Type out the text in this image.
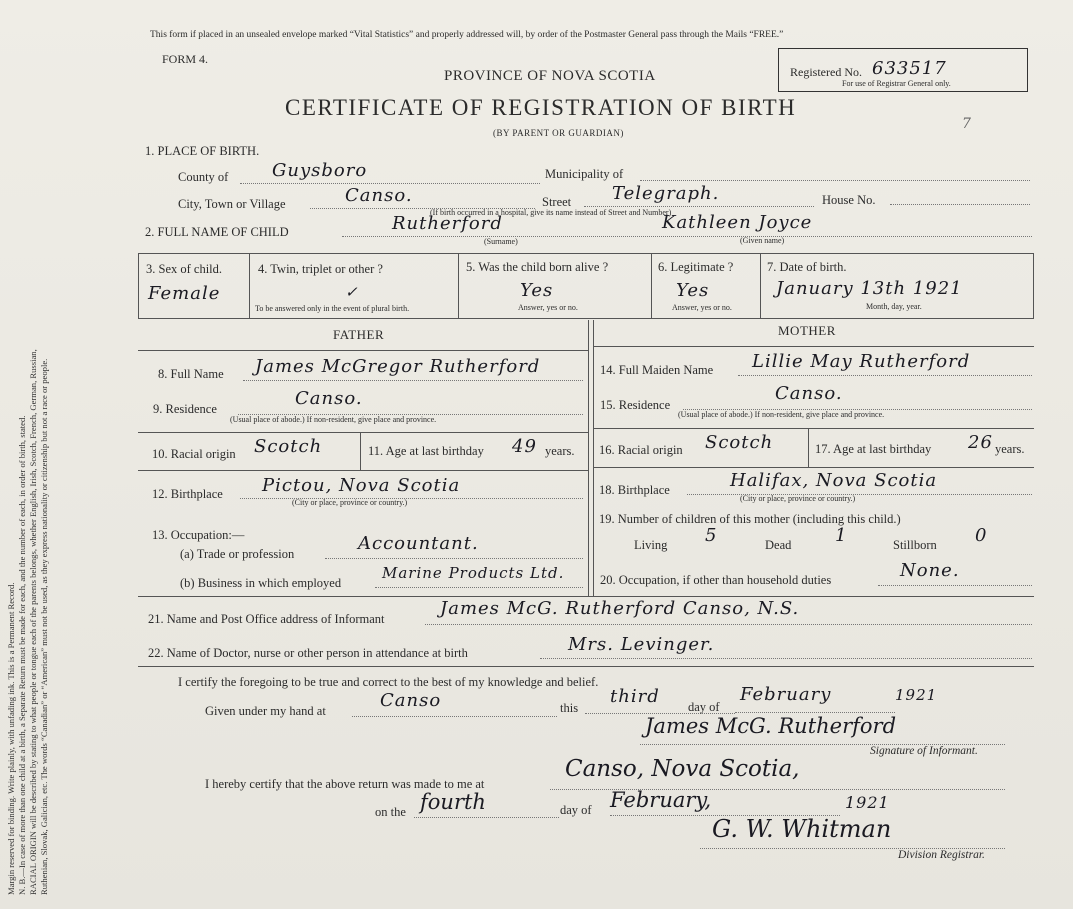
Margin reserved for binding. Write plainly, with unfading ink. This is a Permanent Record. N. B.—In case of more than one child at a birth, a Separate Return must be made for each, and the number of each, in order of birth, stated. RACIAL ORIGIN will be described by stating to what people or tongue each of the parents belongs, whether English, Irish, Scotch, French, German, Russian, Ruthenian, Slovak, Galician, etc. The words “Canadian” or “American” must not be used, as they express nationality or citizenship but not a race or people.
This form if placed in an unsealed envelope marked “Vital Statistics” and properly addressed will, by order of the Postmaster General pass through the Mails “FREE.”
FORM 4.
PROVINCE OF NOVA SCOTIA
CERTIFICATE OF REGISTRATION OF BIRTH
(BY PARENT OR GUARDIAN)
Registered No. 633517
For use of Registrar General only.
7
1. PLACE OF BIRTH.
County of Guysboro	Municipality of
City, Town or Village	Canso.	Street Telegraph.	House No.
(If birth occurred in a hospital, give its name instead of Street and Number)
2. FULL NAME OF CHILD	Rutherford	Kathleen Joyce
(Surname)	(Given name)
3. Sex of child.
Female
4. Twin, triplet or other ?
✓
To be answered only in the event of plural birth.
5. Was the child born alive ?
Yes
Answer, yes or no.
6. Legitimate ?
Yes
Answer, yes or no.
7. Date of birth.
January 13th 1921
Month, day, year.
FATHER	MOTHER
8. Full Name James McGregor Rutherford
9. Residence	Canso.
(Usual place of abode.) If non-resident, give place and province.
10. Racial origin Scotch	11. Age at last birthday 49 years.
12. Birthplace Pictou, Nova Scotia
(City or place, province or country.)
13. Occupation:—
(a) Trade or profession	Accountant.
(b) Business in which employed
Marine Products Ltd.
14. Full Maiden Name Lillie May Rutherford
15. Residence
Canso.
(Usual place of abode.) If non-resident, give place and province.
16. Racial origin Scotch	17. Age at last birthday 26 years.
18. Birthplace	Halifax, Nova Scotia
(City or place, province or country.)
19. Number of children of this mother (including this child.)
Living 5	Dead 1	Stillborn 0
20. Occupation, if other than household duties	None.
21. Name and Post Office address of Informant	James McG. Rutherford Canso, N.S.
22. Name of Doctor, nurse or other person in attendance at birth	Mrs. Levinger.
I certify the foregoing to be true and correct to the best of my knowledge and belief.
Given under my hand at	Canso	this
third day of
February	1921
James McG. Rutherford
Signature of Informant.
I hereby certify that the above return was made to me at
Canso, Nova Scotia,
on the fourth	day of February,	1921
G. W. Whitman
Division Registrar.
